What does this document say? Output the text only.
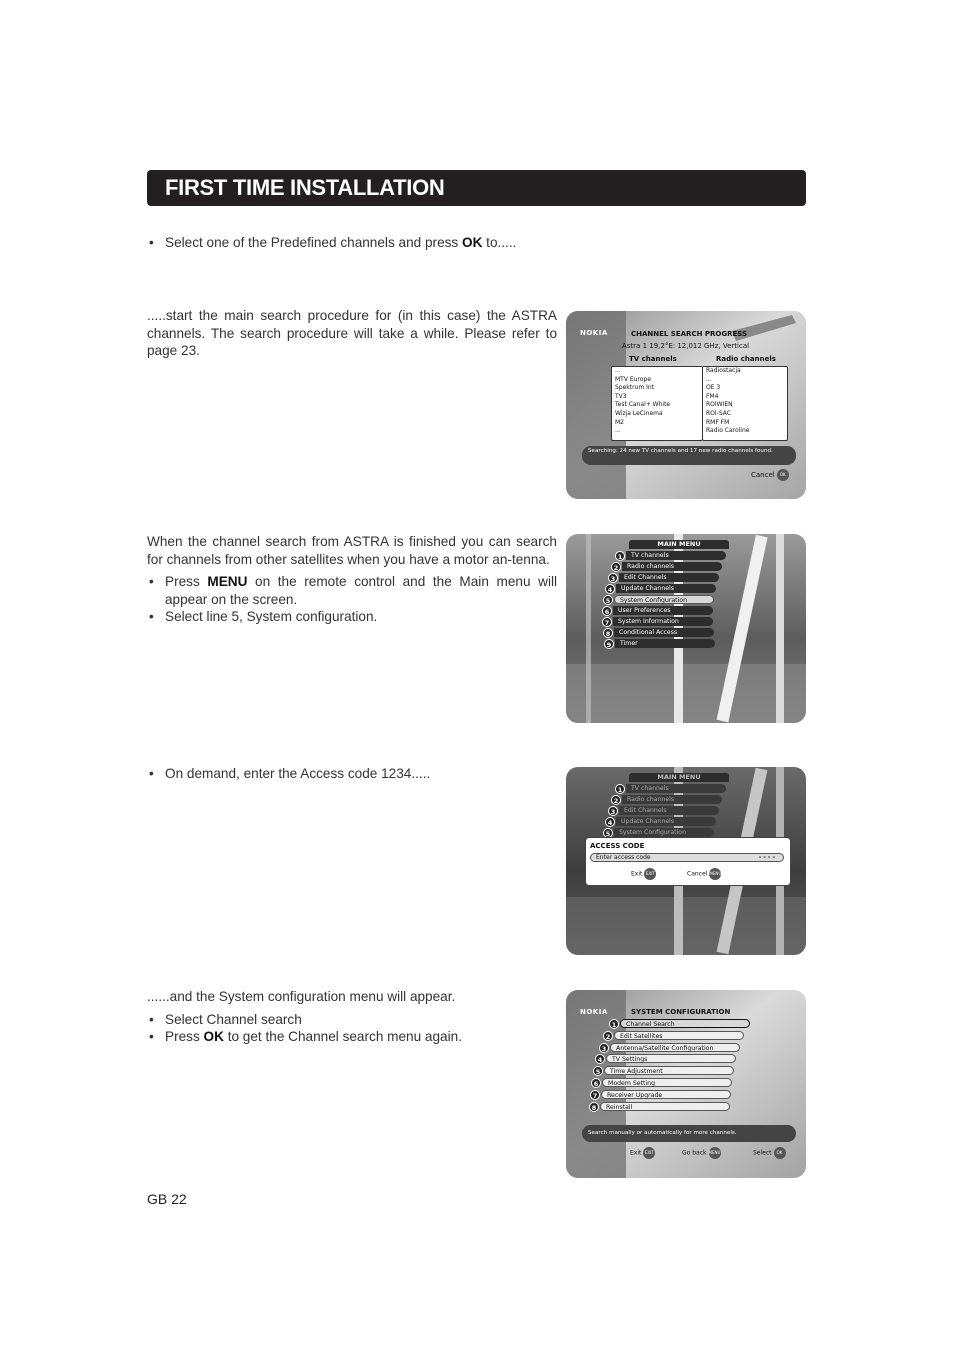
FIRST TIME INSTALLATION

• Select one of the Predefined channels and press OK to.....

.....start the main search procedure for (in this case) the ASTRA channels. The search procedure will take a while. Please refer to page 23.

When the channel search from ASTRA is finished you can search for channels from other satellites when you have a motor an-tenna.

• Press MENU on the remote control and the Main menu will appear on the screen.

• Select line 5, System configuration.

• On demand, enter the Access code 1234.....

......and the System configuration menu will appear.

• Select Channel search

• Press OK to get the Channel search menu again.

GB 22
NOKIA	CHANNEL SEARCH PROGRESS
Astra 1 19,2°E: 12,012 GHz, Vertical
TV channels	Radio channels
...
MTV Europe
Spektrum Int
TV3
Test Canal+ White
Wizja LeCinema
M2
...
Radiostacja
...
OE 3
FM4
ROIWIEN
ROI-SAC
RMF FM
Radio Caroline
Searching: 24 new TV channels and 17 new radio channels found.
Cancel OK
MAIN MENU
1	TV channels
2	Radio channels
3	Edit Channels
4	Update Channels
5	System Configuration
6	User Preferences
7	System Information
8	Conditional Access
9	Timer
MAIN MENU
1	TV channels
2	Radio channels
3	Edit Channels
4	Update Channels
5	System Configuration
ACCESS CODE
Enter access code	- - - -
Exit EXIT	Cancel MENU
NOKIA	SYSTEM CONFIGURATION
1	Channel Search
2	Edit Satellites
3	Antenna/Satellite Configuration
4	TV Settings
5	Time Adjustment
6	Modem Setting
7	Receiver Upgrade
8	Reinstall
Search manually or automatically for more channels.
Exit EXIT	Go back MENU	Select OK
